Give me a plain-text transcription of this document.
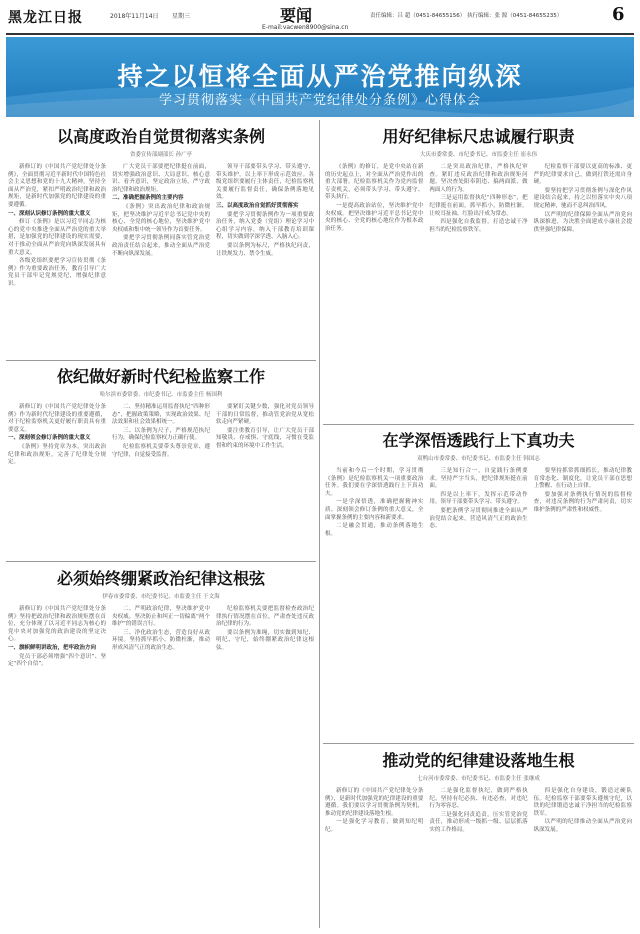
黑龙江日报	2018年11月14日 星期三	要闻
E-mail:vacwen8900@sina.cn
责任编辑：吕 超（0451-84655156） 执行编辑：张 源（0451-84655235）	6
持之以恒将全面从严治党推向纵深
学习贯彻落实《中国共产党纪律处分条例》心得体会
以高度政治自觉贯彻落实条例
省委宣传部副部长 孙广亭

新修订的《中国共产党纪律处分条例》，全面贯彻习近平新时代中国特色社会主义思想和党的十九大精神，坚持全面从严治党，紧扣严明政治纪律和政治规矩，是新时代加强党的纪律建设的重要遵循。

一、深刻认识修订条例的重大意义

修订《条例》是以习近平同志为核心的党中央推进全面从严治党的重大举措，是加强党的纪律建设的现实需要，对于推动全面从严治党向纵深发展具有重大意义。

各级党组织要把学习宣传贯彻《条例》作为重要政治任务，教育引导广大党员干部牢记党规党纪，增强纪律意识。

广大党员干部要把纪律挺在前面，切实增强政治意识、大局意识、核心意识、看齐意识，坚定政治立场，严守政治纪律和政治规矩。

二、准确把握条例的主要内容

《条例》突出政治纪律和政治规矩，把坚决维护习近平总书记党中央的核心、全党的核心地位，坚决维护党中央权威和集中统一领导作为首要任务。

要把学习贯彻条例同落实管党治党政治责任结合起来，推动全面从严治党不断向纵深发展。

领导干部要带头学习、带头遵守、带头维护，以上率下形成示范效应。各级党组织要履行主体责任，纪检监察机关要履行监督责任，确保条例落地见效。

三、以高度政治自觉抓好贯彻落实

要把学习贯彻条例作为一项重要政治任务，纳入党委（党组）理论学习中心组学习内容，纳入干部教育培训课程，切实做到学深学透、入脑入心。

要以条例为标尺，严格执纪问责，让铁规发力、禁令生威。

用好纪律标尺忠诚履行职责
大庆市委常委、市纪委书记、市监委主任 崔永伟

《条例》的修订，是党中央站在新的历史起点上，对全面从严治党作出的重大部署。纪检监察机关作为党内监督专责机关，必须带头学习、带头遵守、带头执行。

一是提高政治站位，坚决维护党中央权威。把坚决维护习近平总书记党中央的核心、全党的核心地位作为根本政治任务。

二是突出政治纪律，严格执纪审查。紧盯违反政治纪律和政治规矩问题，坚决查处阳奉阴违、搞两面派、做两面人的行为。

三是运用监督执纪“四种形态”，把纪律挺在前面，抓早抓小，防微杜渐，让咬耳扯袖、红脸出汗成为常态。

四是强化自我监督，打造忠诚干净担当的纪检监察铁军。

纪检监察干部要以更高的标准、更严的纪律要求自己，做到打铁还需自身硬。

要坚持把学习贯彻条例与深化作风建设结合起来，持之以恒落实中央八项规定精神，驰而不息纠治四风。

以严明的纪律保障全面从严治党向纵深推进，为决胜全面建成小康社会提供坚强纪律保障。

依纪做好新时代纪检监察工作
哈尔滨市委常委、市纪委书记、市监委主任 杨国利

新修订的《中国共产党纪律处分条例》作为新时代纪律建设的重要遵循，对于纪检监察机关更好履行职责具有重要意义。

一、深刻领会修订条例的重大意义

《条例》坚持党章为本，突出政治纪律和政治规矩，完善了纪律处分规定。

二、坚持精准运用监督执纪“四种形态”，把握政策策略，实现政治效果、纪法效果和社会效果相统一。

三、以条例为尺子，严格规范执纪行为，确保纪检监察权力正确行使。

纪检监察机关要带头尊崇党章、遵守纪律，自觉接受监督。

要紧盯关键少数，强化对党员领导干部的日常监督，推动管党治党从宽松软走向严紧硬。

要注重教育引导，让广大党员干部知敬畏、存戒惧、守底线，习惯在受监督和约束的环境中工作生活。	在学深悟透践行上下真功夫
双鸭山市委常委、市纪委书记、市监委主任 韩国志

当前和今后一个时期，学习贯彻《条例》是纪检监察机关一项重要政治任务。我们要在学深悟透践行上下真功夫。

一是学深悟透，准确把握精神实质。深刻领会修订条例的重大意义，全面掌握条例的主要内容和新要求。

二是融会贯通，推动条例落地生根。

三是知行合一，自觉践行条例要求。坚持严字当头，把纪律规矩挺在前面。

四是以上率下，发挥示范带动作用。领导干部要带头学习、带头遵守。

要把条例学习贯彻同推进全面从严治党结合起来，营造风清气正的政治生态。

要坚持抓常抓细抓长，推动纪律教育常态化、制度化，让党员干部在思想上警醒、在行动上自律。

要加强对条例执行情况的监督检查，对违反条例的行为严肃问责，切实维护条例的严肃性和权威性。

必须始终绷紧政治纪律这根弦
伊春市委常委、市纪委书记、市监委主任 于文海

新修订的《中国共产党纪律处分条例》坚持把政治纪律和政治规矩摆在首位，充分体现了以习近平同志为核心的党中央对加强党的政治建设的坚定决心。

一、旗帜鲜明讲政治，把牢政治方向

党员干部必须增强“四个意识”、坚定“四个自信”。

二、严明政治纪律，坚决维护党中央权威。坚决防止和纠正一切偏离“两个维护”的错误言行。

三、净化政治生态，营造良好从政环境。坚持抓早抓小、防微杜渐，推动形成风清气正的政治生态。

纪检监察机关要把监督检查政治纪律执行情况摆在首位，严肃查处违反政治纪律的行为。

要以条例为准绳，切实做到知纪、明纪、守纪，始终绷紧政治纪律这根弦。

推动党的纪律建设落地生根
七台河市委常委、市纪委书记、市监委主任 张继成

新修订的《中国共产党纪律处分条例》，是新时代加强党的纪律建设的重要遵循。我们要以学习贯彻条例为契机，推动党的纪律建设落地生根。

一是强化学习教育，做到知纪明纪。

二是强化监督执纪，做到严格执纪。坚持有纪必执、有违必查，对违纪行为零容忍。

三是强化问责追责，压实管党治党责任，推动形成一级抓一级、层层抓落实的工作格局。

四是强化自身建设，锻造过硬队伍。纪检监察干部要带头遵规守纪，以铁的纪律锻造忠诚干净担当的纪检监察铁军。

以严明的纪律推动全面从严治党向纵深发展。
